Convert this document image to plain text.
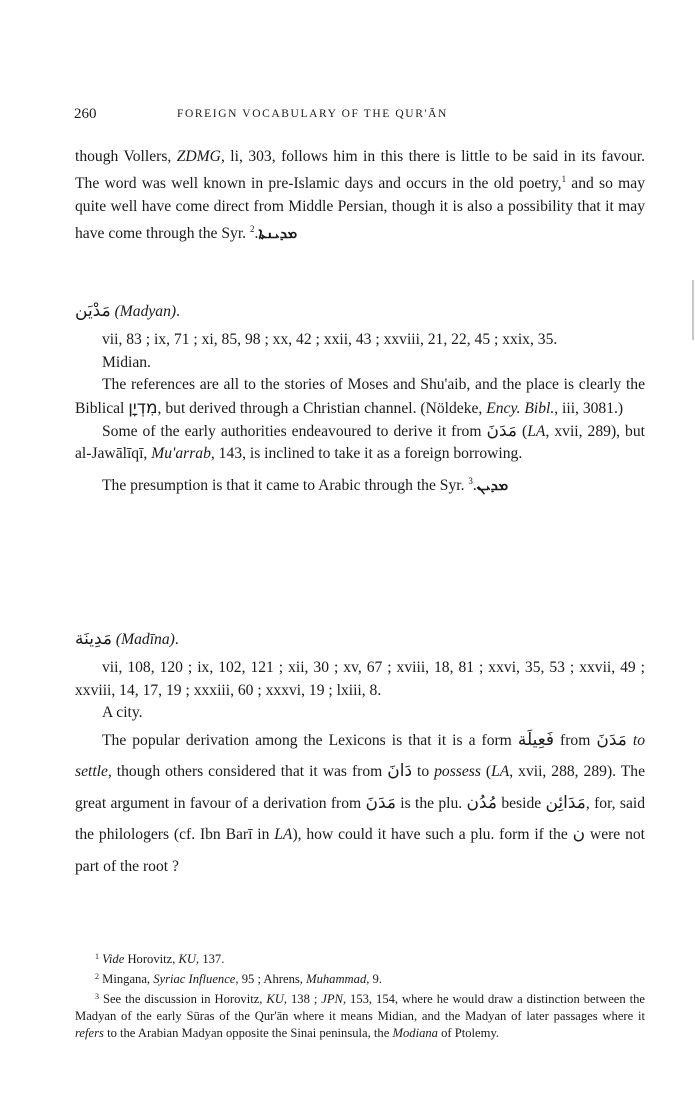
260	FOREIGN VOCABULARY OF THE QUR'ĀN

though Vollers, ZDMG, li, 303, follows him in this there is little to be said in its favour. The word was well known in pre-Islamic days and occurs in the old poetry,$^1$ and so may quite well have come direct from Middle Persian, though it is also a possibility that it may have come through the Syr. ܡܕܝܢܬܐ.$^2$

مَدْيَن (Madyan).

vii, 83 ; ix, 71 ; xi, 85, 98 ; xx, 42 ; xxii, 43 ; xxviii, 21, 22, 45 ; xxix, 35.

Midian.

The references are all to the stories of Moses and Shu'aib, and the place is clearly the Biblical מִדְיָן, but derived through a Christian channel. (Nöldeke, Ency. Bibl., iii, 3081.)

Some of the early authorities endeavoured to derive it from مَدَنَ (LA, xvii, 289), but al-Jawālīqī, Mu'arrab, 143, is inclined to take it as a foreign borrowing.

The presumption is that it came to Arabic through the Syr. ܡܕܝܢ.$^3$

مَدِينَة (Madīna).

vii, 108, 120 ; ix, 102, 121 ; xii, 30 ; xv, 67 ; xviii, 18, 81 ; xxvi, 35, 53 ; xxvii, 49 ; xxviii, 14, 17, 19 ; xxxiii, 60 ; xxxvi, 19 ; lxiii, 8.

A city.

The popular derivation among the Lexicons is that it is a form فَعِيلَة from مَدَنَ to settle, though others considered that it was from دَانَ to possess (LA, xvii, 288, 289). The great argument in favour of a derivation from مَدَنَ is the plu. مُدُن beside مَدَائِن, for, said the philologers (cf. Ibn Barī in LA), how could it have such a plu. form if the ن were not part of the root ?

$^1$ Vide Horovitz, KU, 137.

$^2$ Mingana, Syriac Influence, 95 ; Ahrens, Muhammad, 9.

$^3$ See the discussion in Horovitz, KU, 138 ; JPN, 153, 154, where he would draw a distinction between the Madyan of the early Sūras of the Qur'ān where it means Midian, and the Madyan of later passages where it refers to the Arabian Madyan opposite the Sinai peninsula, the Modiana of Ptolemy.
